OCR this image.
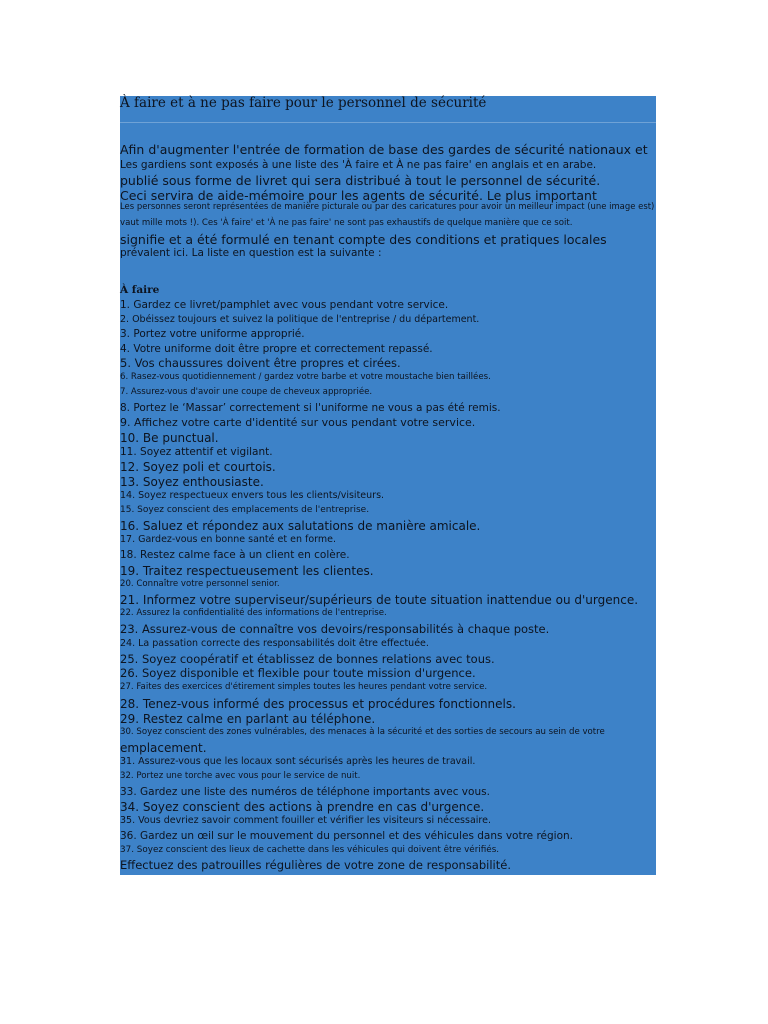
À faire et à ne pas faire pour le personnel de sécurité
Afin d'augmenter l'entrée de formation de base des gardes de sécurité nationaux et
Les gardiens sont exposés à une liste des 'À faire et À ne pas faire' en anglais et en arabe.
publié sous forme de livret qui sera distribué à tout le personnel de sécurité.
Ceci servira de aide-mémoire pour les agents de sécurité. Le plus important
Les personnes seront représentées de manière picturale ou par des caricatures pour avoir un meilleur impact (une image est)
vaut mille mots !). Ces 'À faire' et 'À ne pas faire' ne sont pas exhaustifs de quelque manière que ce soit.
signifie et a été formulé en tenant compte des conditions et pratiques locales
prévalent ici. La liste en question est la suivante :
À faire
1. Gardez ce livret/pamphlet avec vous pendant votre service.
2. Obéissez toujours et suivez la politique de l'entreprise / du département.
3. Portez votre uniforme approprié.
4. Votre uniforme doit être propre et correctement repassé.
5. Vos chaussures doivent être propres et cirées.
6. Rasez-vous quotidiennement / gardez votre barbe et votre moustache bien taillées.
7. Assurez-vous d'avoir une coupe de cheveux appropriée.
8. Portez le ‘Massar’ correctement si l'uniforme ne vous a pas été remis.
9. Affichez votre carte d'identité sur vous pendant votre service.
10. Be punctual.
11. Soyez attentif et vigilant.
12. Soyez poli et courtois.
13. Soyez enthousiaste.
14. Soyez respectueux envers tous les clients/visiteurs.
15. Soyez conscient des emplacements de l'entreprise.
16. Saluez et répondez aux salutations de manière amicale.
17. Gardez-vous en bonne santé et en forme.
18. Restez calme face à un client en colère.
19. Traitez respectueusement les clientes.
20. Connaître votre personnel senior.
21. Informez votre superviseur/supérieurs de toute situation inattendue ou d'urgence.
22. Assurez la confidentialité des informations de l'entreprise.
23. Assurez-vous de connaître vos devoirs/responsabilités à chaque poste.
24. La passation correcte des responsabilités doit être effectuée.
25. Soyez coopératif et établissez de bonnes relations avec tous.
26. Soyez disponible et flexible pour toute mission d'urgence.
27. Faites des exercices d'étirement simples toutes les heures pendant votre service.
28. Tenez-vous informé des processus et procédures fonctionnels.
29. Restez calme en parlant au téléphone.
30. Soyez conscient des zones vulnérables, des menaces à la sécurité et des sorties de secours au sein de votre
emplacement.
31. Assurez-vous que les locaux sont sécurisés après les heures de travail.
32. Portez une torche avec vous pour le service de nuit.
33. Gardez une liste des numéros de téléphone importants avec vous.
34. Soyez conscient des actions à prendre en cas d'urgence.
35. Vous devriez savoir comment fouiller et vérifier les visiteurs si nécessaire.
36. Gardez un œil sur le mouvement du personnel et des véhicules dans votre région.
37. Soyez conscient des lieux de cachette dans les véhicules qui doivent être vérifiés.
Effectuez des patrouilles régulières de votre zone de responsabilité.
